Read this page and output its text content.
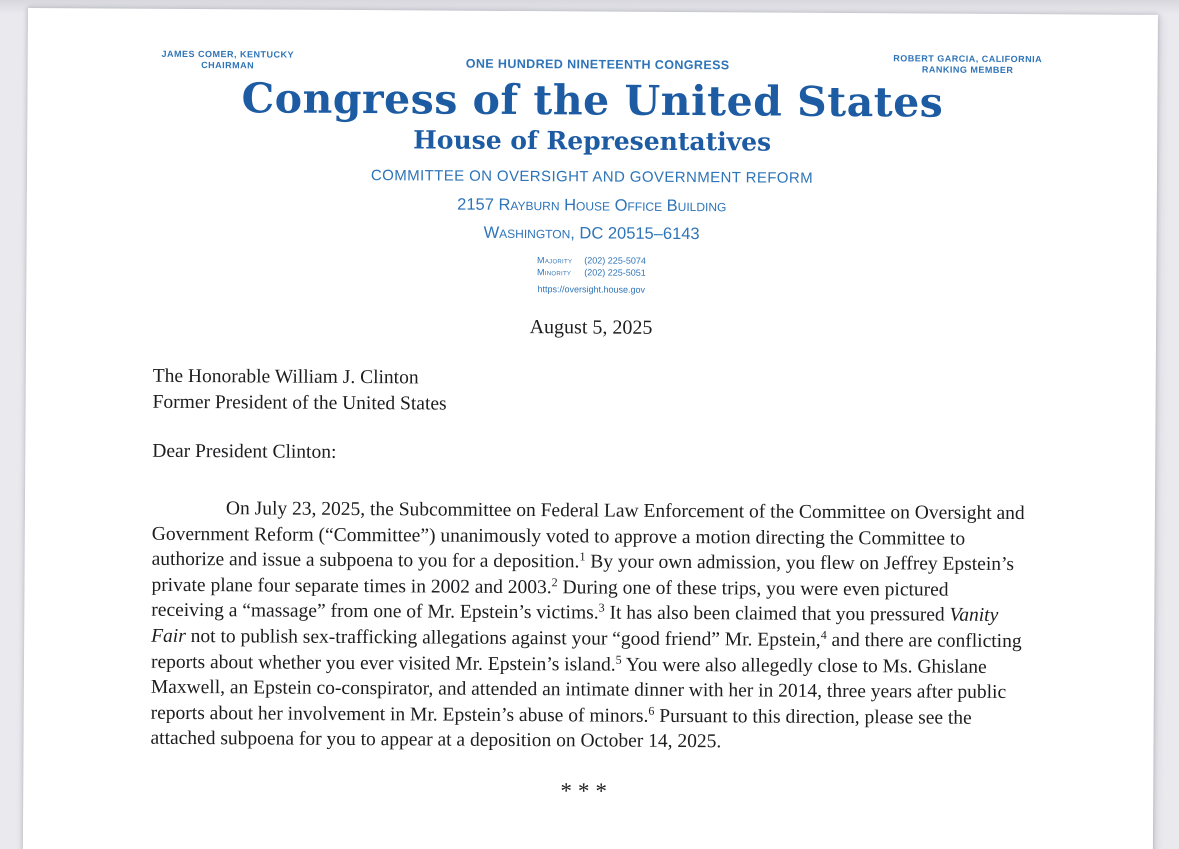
JAMES COMER, KENTUCKY
CHAIRMAN	ONE HUNDRED NINETEENTH CONGRESS	ROBERT GARCIA, CALIFORNIA
RANKING MEMBER
Congress of the United States
House of Representatives
COMMITTEE ON OVERSIGHT AND GOVERNMENT REFORM
2157 Rayburn House Office Building
Washington, DC 20515–6143
Majority (202) 225-5074
Minority (202) 225-5051
https://oversight.house.gov
August 5, 2025
The Honorable William J. Clinton
Former President of the United States
Dear President Clinton:

On July 23, 2025, the Subcommittee on Federal Law Enforcement of the Committee on Oversight and Government Reform (“Committee”) unanimously voted to approve a motion directing the Committee to authorize and issue a subpoena to you for a deposition.$^1$ By your own admission, you flew on Jeffrey Epstein’s private plane four separate times in 2002 and 2003.$^2$ During one of these trips, you were even pictured receiving a “massage” from one of Mr. Epstein’s victims.$^3$ It has also been claimed that you pressured Vanity Fair not to publish sex-trafficking allegations against your “good friend” Mr. Epstein,$^4$ and there are conflicting reports about whether you ever visited Mr. Epstein’s island.$^5$ You were also allegedly close to Ms. Ghislane Maxwell, an Epstein co-conspirator, and attended an intimate dinner with her in 2014, three years after public reports about her involvement in Mr. Epstein’s abuse of minors.$^6$ Pursuant to this direction, please see the attached subpoena for you to appear at a deposition on October 14, 2025.

***
